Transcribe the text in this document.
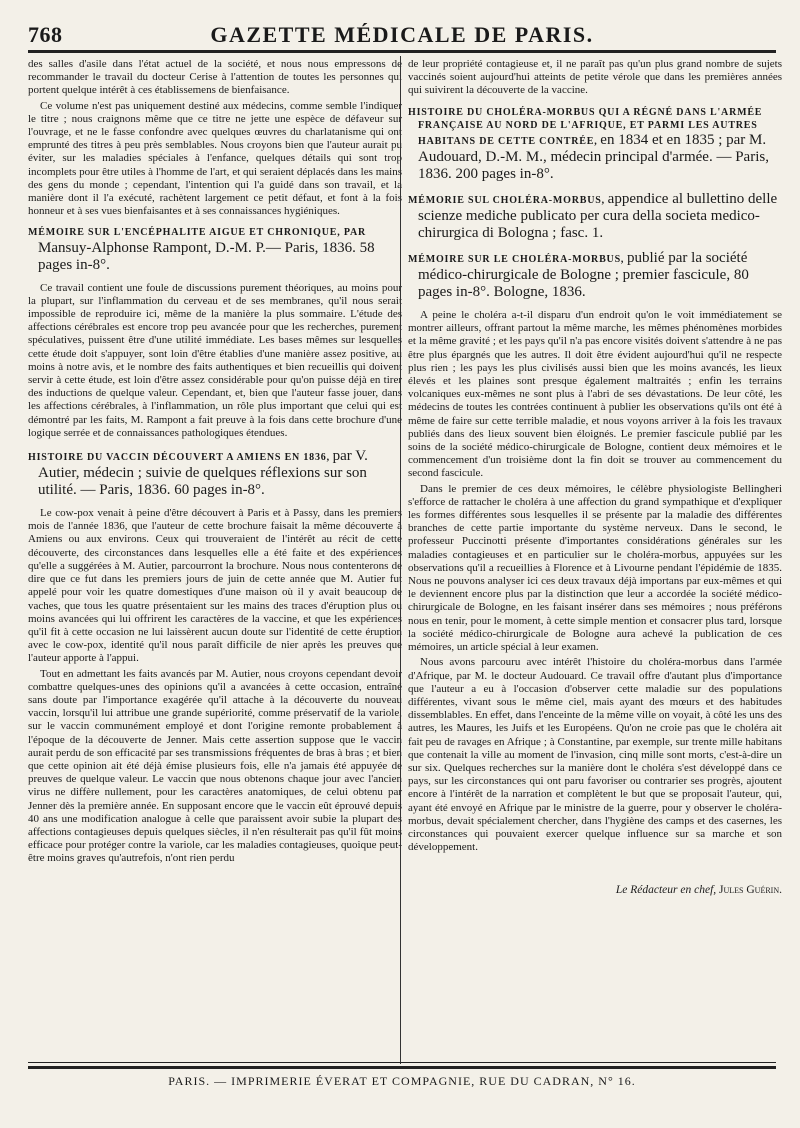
768	GAZETTE MÉDICALE DE PARIS.

des salles d'asile dans l'état actuel de la société, et nous nous empressons de recommander le travail du docteur Cerise à l'attention de toutes les personnes qui portent quelque intérêt à ces établissemens de bienfaisance.

Ce volume n'est pas uniquement destiné aux médecins, comme semble l'indiquer le titre ; nous craignons même que ce titre ne jette une espèce de défaveur sur l'ouvrage, et ne le fasse confondre avec quelques œuvres du charlatanisme qui ont emprunté des titres à peu près semblables. Nous croyons bien que l'auteur aurait pu éviter, sur les maladies spéciales à l'enfance, quelques détails qui sont trop incomplets pour être utiles à l'homme de l'art, et qui seraient déplacés dans les mains des gens du monde ; cependant, l'intention qui l'a guidé dans son travail, et la manière dont il l'a exécuté, rachètent largement ce petit défaut, et font à la fois honneur et à ses vues bienfaisantes et à ses connaissances hygiéniques.

MÉMOIRE SUR L'ENCÉPHALITE AIGUE ET CHRONIQUE, PAR Mansuy-Alphonse Rampont, D.-M. P.— Paris, 1836. 58 pages in-8°.

Ce travail contient une foule de discussions purement théoriques, au moins pour la plupart, sur l'inflammation du cerveau et de ses membranes, qu'il nous serait impossible de reproduire ici, même de la manière la plus sommaire. L'étude des affections cérébrales est encore trop peu avancée pour que les recherches, purement spéculatives, puissent être d'une utilité immédiate. Les bases mêmes sur lesquelles cette étude doit s'appuyer, sont loin d'être établies d'une manière assez positive, au moins à notre avis, et le nombre des faits authentiques et bien recueillis qui doivent servir à cette étude, est loin d'être assez considérable pour qu'on puisse déjà en tirer des inductions de quelque valeur. Cependant, et, bien que l'auteur fasse jouer, dans les affections cérébrales, à l'inflammation, un rôle plus important que celui qui est démontré par les faits, M. Rampont a fait preuve à la fois dans cette brochure d'une logique serrée et de connaissances pathologiques étendues.

HISTOIRE DU VACCIN DÉCOUVERT A AMIENS EN 1836, par V. Autier, médecin ; suivie de quelques réflexions sur son utilité. — Paris, 1836. 60 pages in-8°.

Le cow-pox venait à peine d'être découvert à Paris et à Passy, dans les premiers mois de l'année 1836, que l'auteur de cette brochure faisait la même découverte à Amiens ou aux environs. Ceux qui trouveraient de l'intérêt au récit de cette découverte, des circonstances dans lesquelles elle a été faite et des expériences qu'elle a suggérées à M. Autier, parcourront la brochure. Nous nous contenterons de dire que ce fut dans les premiers jours de juin de cette année que M. Autier fut appelé pour voir les quatre domestiques d'une maison où il y avait beaucoup de vaches, que tous les quatre présentaient sur les mains des traces d'éruption plus ou moins avancées qui lui offrirent les caractères de la vaccine, et que les expériences qu'il fit à cette occasion ne lui laissèrent aucun doute sur l'identité de cette éruption avec le cow-pox, identité qu'il nous paraît difficile de nier après les preuves que l'auteur apporte à l'appui.

Tout en admettant les faits avancés par M. Autier, nous croyons cependant devoir combattre quelques-unes des opinions qu'il a avancées à cette occasion, entraîné sans doute par l'importance exagérée qu'il attache à la découverte du nouveau vaccin, lorsqu'il lui attribue une grande supériorité, comme préservatif de la variole, sur le vaccin communément employé et dont l'origine remonte probablement à l'époque de la découverte de Jenner. Mais cette assertion suppose que le vaccin aurait perdu de son efficacité par ses transmissions fréquentes de bras à bras ; et bien que cette opinion ait été déjà émise plusieurs fois, elle n'a jamais été appuyée de preuves de quelque valeur. Le vaccin que nous obtenons chaque jour avec l'ancien virus ne diffère nullement, pour les caractères anatomiques, de celui obtenu par Jenner dès la première année. En supposant encore que le vaccin eût éprouvé depuis 40 ans une modification analogue à celle que paraissent avoir subie la plupart des affections contagieuses depuis quelques siècles, il n'en résulterait pas qu'il fût moins efficace pour protéger contre la variole, car les maladies contagieuses, quoique peut-être moins graves qu'autrefois, n'ont rien perdu

de leur propriété contagieuse et, il ne paraît pas qu'un plus grand nombre de sujets vaccinés soient aujourd'hui atteints de petite vérole que dans les premières années qui suivirent la découverte de la vaccine.

HISTOIRE DU CHOLÉRA-MORBUS QUI A RÉGNÉ DANS L'ARMÉE FRANÇAISE AU NORD DE L'AFRIQUE, ET PARMI LES AUTRES HABITANS DE CETTE CONTRÉE, en 1834 et en 1835 ; par M. Audouard, D.-M. M., médecin principal d'armée. — Paris, 1836. 200 pages in-8°.
MÉMORIE SUL CHOLÉRA-MORBUS, appendice al bullettino delle scienze mediche publicato per cura della societa medico-chirurgica di Bologna ; fasc. 1.
MÉMOIRE SUR LE CHOLÉRA-MORBUS, publié par la société médico-chirurgicale de Bologne ; premier fascicule, 80 pages in-8°. Bologne, 1836.

A peine le choléra a-t-il disparu d'un endroit qu'on le voit immédiatement se montrer ailleurs, offrant partout la même marche, les mêmes phénomènes morbides et la même gravité ; et les pays qu'il n'a pas encore visités doivent s'attendre à ne pas être plus épargnés que les autres. Il doit être évident aujourd'hui qu'il ne respecte plus rien ; les pays les plus civilisés aussi bien que les moins avancés, les lieux élevés et les plaines sont presque également maltraités ; enfin les terrains volcaniques eux-mêmes ne sont plus à l'abri de ses dévastations. De leur côté, les médecins de toutes les contrées continuent à publier les observations qu'ils ont été à même de faire sur cette terrible maladie, et nous voyons arriver à la fois les travaux publiés dans des lieux souvent bien éloignés. Le premier fascicule publié par les soins de la société médico-chirurgicale de Bologne, contient deux mémoires et le commencement d'un troisième dont la fin doit se trouver au commencement du second fascicule.

Dans le premier de ces deux mémoires, le célèbre physiologiste Bellingheri s'efforce de rattacher le choléra à une affection du grand sympathique et d'expliquer les formes différentes sous lesquelles il se présente par la maladie des différentes branches de cette partie importante du système nerveux. Dans le second, le professeur Puccinotti présente d'importantes considérations générales sur les maladies contagieuses et en particulier sur le choléra-morbus, appuyées sur les observations qu'il a recueillies à Florence et à Livourne pendant l'épidémie de 1835. Nous ne pouvons analyser ici ces deux travaux déjà importans par eux-mêmes et qui le deviennent encore plus par la distinction que leur a accordée la société médico-chirurgicale de Bologne, en les faisant insérer dans ses mémoires ; nous préférons nous en tenir, pour le moment, à cette simple mention et consacrer plus tard, lorsque la société médico-chirurgicale de Bologne aura achevé la publication de ces mémoires, un article spécial à leur examen.

Nous avons parcouru avec intérêt l'histoire du choléra-morbus dans l'armée d'Afrique, par M. le docteur Audouard. Ce travail offre d'autant plus d'importance que l'auteur a eu à l'occasion d'observer cette maladie sur des populations différentes, vivant sous le même ciel, mais ayant des mœurs et des habitudes dissemblables. En effet, dans l'enceinte de la même ville on voyait, à côté les uns des autres, les Maures, les Juifs et les Européens. Qu'on ne croie pas que le choléra ait fait peu de ravages en Afrique ; à Constantine, par exemple, sur trente mille habitans que contenait la ville au moment de l'invasion, cinq mille sont morts, c'est-à-dire un sur six. Quelques recherches sur la manière dont le choléra s'est développé dans ce pays, sur les circonstances qui ont paru favoriser ou contrarier ses progrès, ajoutent encore à l'intérêt de la narration et complètent le but que se proposait l'auteur, qui, ayant été envoyé en Afrique par le ministre de la guerre, pour y observer le choléra-morbus, devait spécialement chercher, dans l'hygiène des camps et des casernes, les circonstances qui pouvaient exercer quelque influence sur sa marche et son développement.

Le Rédacteur en chef, Jules Guérin.
PARIS. — IMPRIMERIE ÉVERAT ET COMPAGNIE, RUE DU CADRAN, N° 16.
